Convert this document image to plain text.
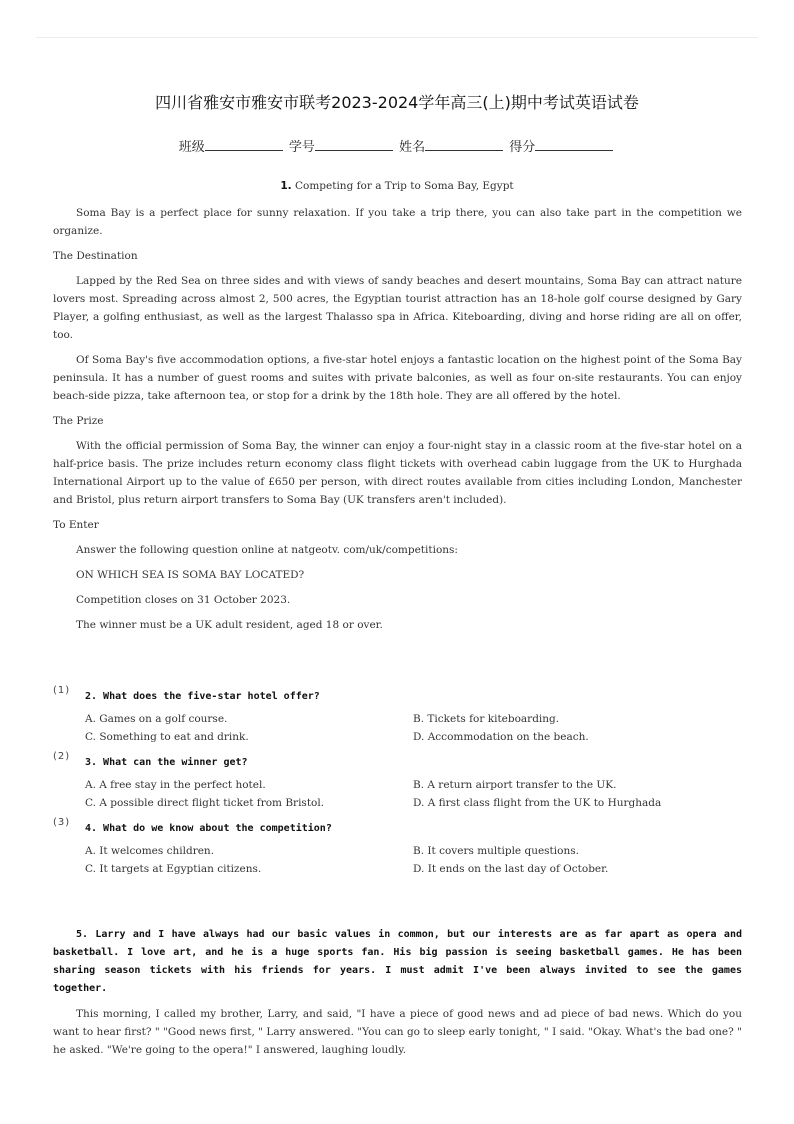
四川省雅安市雅安市联考2023-2024学年高三(上)期中考试英语试卷
班级	学号	姓名	得分
1. Competing for a Trip to Soma Bay, Egypt

Soma Bay is a perfect place for sunny relaxation. If you take a trip there, you can also take part in the competition we organize.

The Destination

Lapped by the Red Sea on three sides and with views of sandy beaches and desert mountains, Soma Bay can attract nature lovers most. Spreading across almost 2, 500 acres, the Egyptian tourist attraction has an 18-hole golf course designed by Gary Player, a golfing enthusiast, as well as the largest Thalasso spa in Africa. Kiteboarding, diving and horse riding are all on offer, too.

Of Soma Bay's five accommodation options, a five-star hotel enjoys a fantastic location on the highest point of the Soma Bay peninsula. It has a number of guest rooms and suites with private balconies, as well as four on-site restaurants. You can enjoy beach-side pizza, take afternoon tea, or stop for a drink by the 18th hole. They are all offered by the hotel.

The Prize

With the official permission of Soma Bay, the winner can enjoy a four-night stay in a classic room at the five-star hotel on a half-price basis. The prize includes return economy class flight tickets with overhead cabin luggage from the UK to Hurghada International Airport up to the value of £650 per person, with direct routes available from cities including London, Manchester and Bristol, plus return airport transfers to Soma Bay (UK transfers aren't included).

To Enter
Answer the following question online at natgeotv. com/uk/competitions:
ON WHICH SEA IS SOMA BAY LOCATED?
Competition closes on 31 October 2023.
The winner must be a UK adult resident, aged 18 or over.
(1)
2. What does the five-star hotel offer?
A. Games on a golf course.	B. Tickets for kiteboarding.
C. Something to eat and drink.	D. Accommodation on the beach.
(2)
3. What can the winner get?
A. A free stay in the perfect hotel.	B. A return airport transfer to the UK.
C. A possible direct flight ticket from Bristol.	D. A first class flight from the UK to Hurghada
(3)
4. What do we know about the competition?
A. It welcomes children.	B. It covers multiple questions.
C. It targets at Egyptian citizens.	D. It ends on the last day of October.

5. Larry and I have always had our basic values in common, but our interests are as far apart as opera and basketball. I love art, and he is a huge sports fan. His big passion is seeing basketball games. He has been sharing season tickets with his friends for years. I must admit I've been always invited to see the games together.

This morning, I called my brother, Larry, and said, "I have a piece of good news and ad piece of bad news. Which do you want to hear first? " "Good news first, " Larry answered. "You can go to sleep early tonight, " I said. "Okay. What's the bad one? " he asked. "We're going to the opera!" I answered, laughing loudly.
